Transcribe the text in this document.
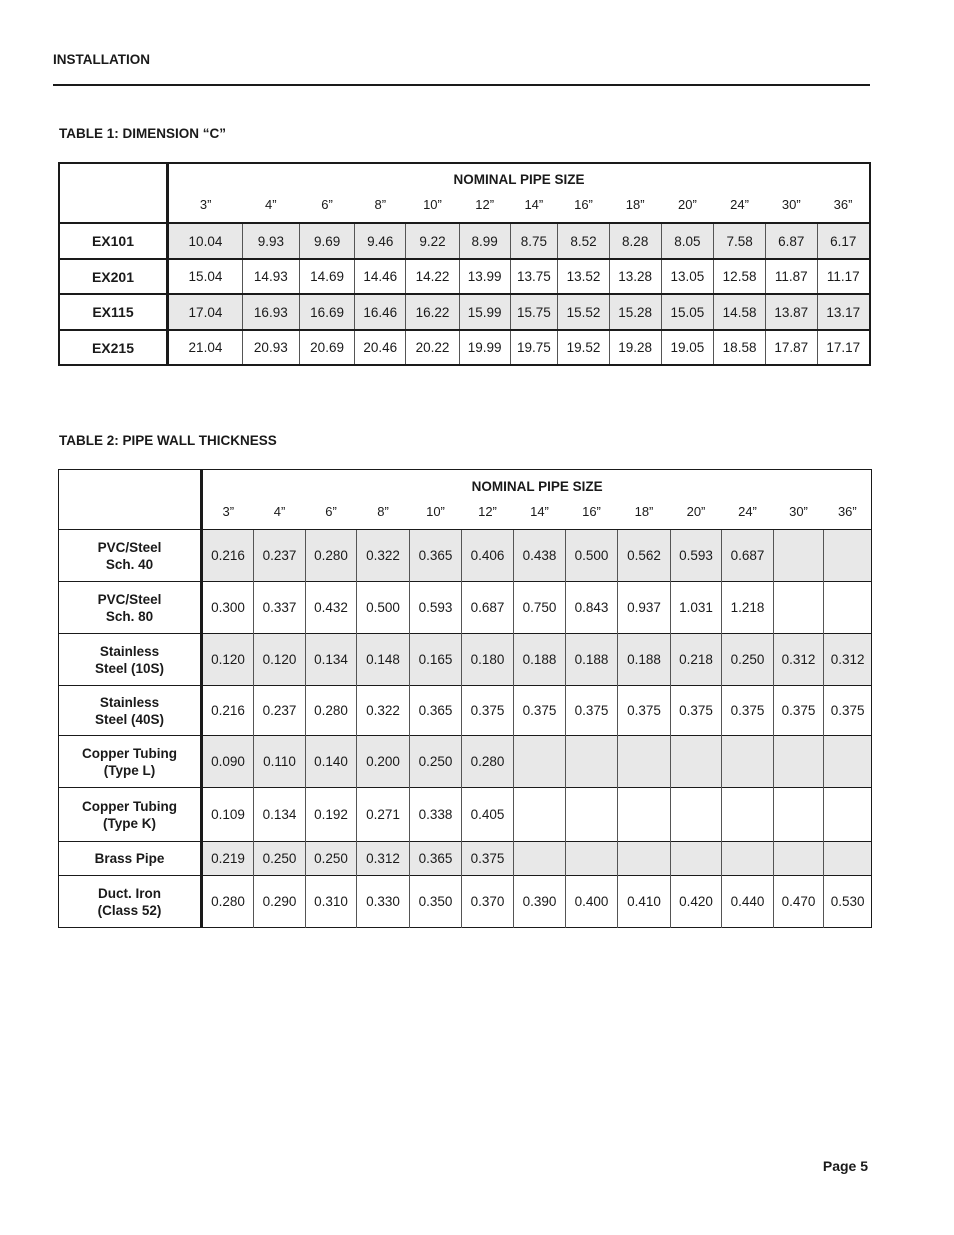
INSTALLATION
TABLE 1: DIMENSION “C”
	NOMINAL PIPE SIZE												
	3”	4”	6”	8”	10”	12”	14”	16”	18”	20”	24”	30”	36”
EX101	10.04	9.93	9.69	9.46	9.22	8.99	8.75	8.52	8.28	8.05	7.58	6.87	6.17
EX201	15.04	14.93	14.69	14.46	14.22	13.99	13.75	13.52	13.28	13.05	12.58	11.87	11.17
EX115	17.04	16.93	16.69	16.46	16.22	15.99	15.75	15.52	15.28	15.05	14.58	13.87	13.17
EX215	21.04	20.93	20.69	20.46	20.22	19.99	19.75	19.52	19.28	19.05	18.58	17.87	17.17
TABLE 2: PIPE WALL THICKNESS
	NOMINAL PIPE SIZE												
	3”	4”	6”	8”	10”	12”	14”	16”	18”	20”	24”	30”	36”

PVC/Steel
Sch. 40	0.216	0.237	0.280	0.322	0.365	0.406	0.438	0.500	0.562	0.593	0.687		

PVC/Steel
Sch. 80	0.300	0.337	0.432	0.500	0.593	0.687	0.750	0.843	0.937	1.031	1.218		

Stainless
Steel (10S)	0.120	0.120	0.134	0.148	0.165	0.180	0.188	0.188	0.188	0.218	0.250	0.312	0.312

Stainless
Steel (40S)	0.216	0.237	0.280	0.322	0.365	0.375	0.375	0.375	0.375	0.375	0.375	0.375	0.375

Copper Tubing
(Type L)	0.090	0.110	0.140	0.200	0.250	0.280							

Copper Tubing
(Type K)	0.109	0.134	0.192	0.271	0.338	0.405							

Brass Pipe	0.219	0.250	0.250	0.312	0.365	0.375							

Duct. Iron
(Class 52)	0.280	0.290	0.310	0.330	0.350	0.370	0.390	0.400	0.410	0.420	0.440	0.470	0.530
Page 5
